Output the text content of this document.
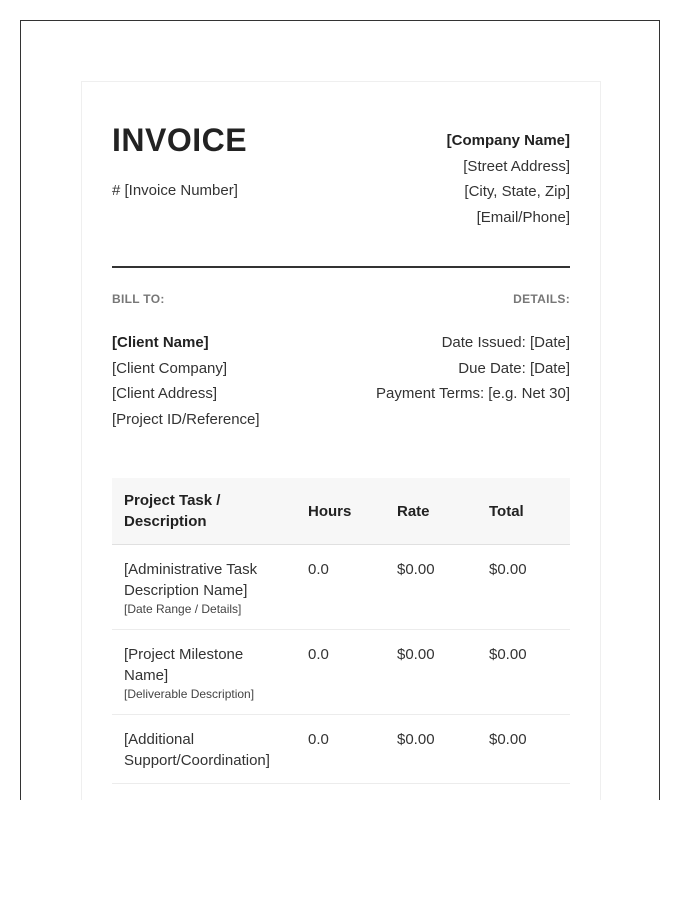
INVOICE
# [Invoice Number]
[Company Name]
[Street Address]
[City, State, Zip]
[Email/Phone]
BILL TO:	DETAILS:
[Client Name]
[Client Company]
[Client Address]
[Project ID/Reference]
Date Issued: [Date]
Due Date: [Date]
Payment Terms: [e.g. Net 30]
Project Task / Description	Hours	Rate	Total
[Administrative Task Description Name]
[Date Range / Details]	0.0	$0.00	$0.00
[Project Milestone Name]
[Deliverable Description]	0.0	$0.00	$0.00
[Additional Support/Coordination]	0.0	$0.00	$0.00
